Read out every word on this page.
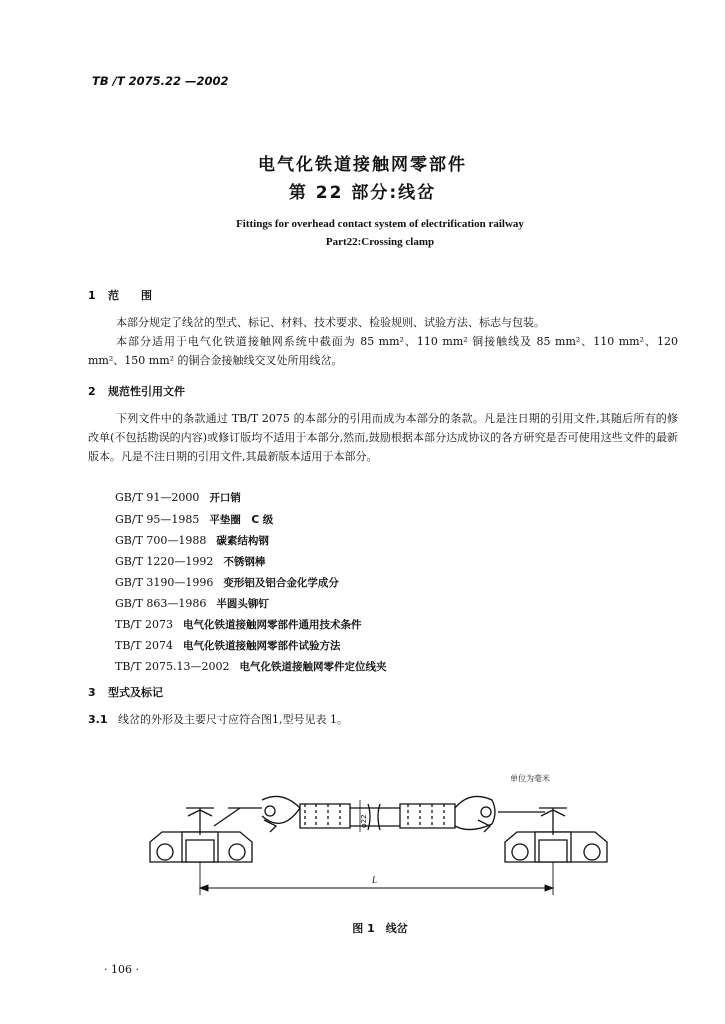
TB /T 2075.22 —2002
电气化铁道接触网零部件
第 22 部分:线岔
Fittings for overhead contact system of electrification railway
Part22:Crossing clamp
1 范　　围
本部分规定了线岔的型式、标记、材料、技术要求、检验规则、试验方法、标志与包装。
本部分适用于电气化铁道接触网系统中截面为 85 mm²、110 mm² 铜接触线及 85 mm²、110 mm²、120 mm²、150 mm² 的铜合金接触线交叉处所用线岔。
2 规范性引用文件
下列文件中的条款通过 TB/T 2075 的本部分的引用而成为本部分的条款。凡是注日期的引用文件,其随后所有的修改单(不包括勘误的内容)或修订版均不适用于本部分,然而,鼓励根据本部分达成协议的各方研究是否可使用这些文件的最新版本。凡是不注日期的引用文件,其最新版本适用于本部分。
GB/T 91—2000 开口销
GB/T 95—1985 平垫圈　C 级
GB/T 700—1988 碳素结构钢
GB/T 1220—1992 不锈钢棒
GB/T 3190—1996 变形铝及铝合金化学成分
GB/T 863—1986 半圆头铆钉
TB/T 2073 电气化铁道接触网零部件通用技术条件
TB/T 2074 电气化铁道接触网零部件试验方法
TB/T 2075.13—2002 电气化铁道接触网零件定位线夹
3 型式及标记
3.1 线岔的外形及主要尺寸应符合图1,型号见表 1。
单位为毫米
L
φ22
图 1　线岔
· 106 ·
